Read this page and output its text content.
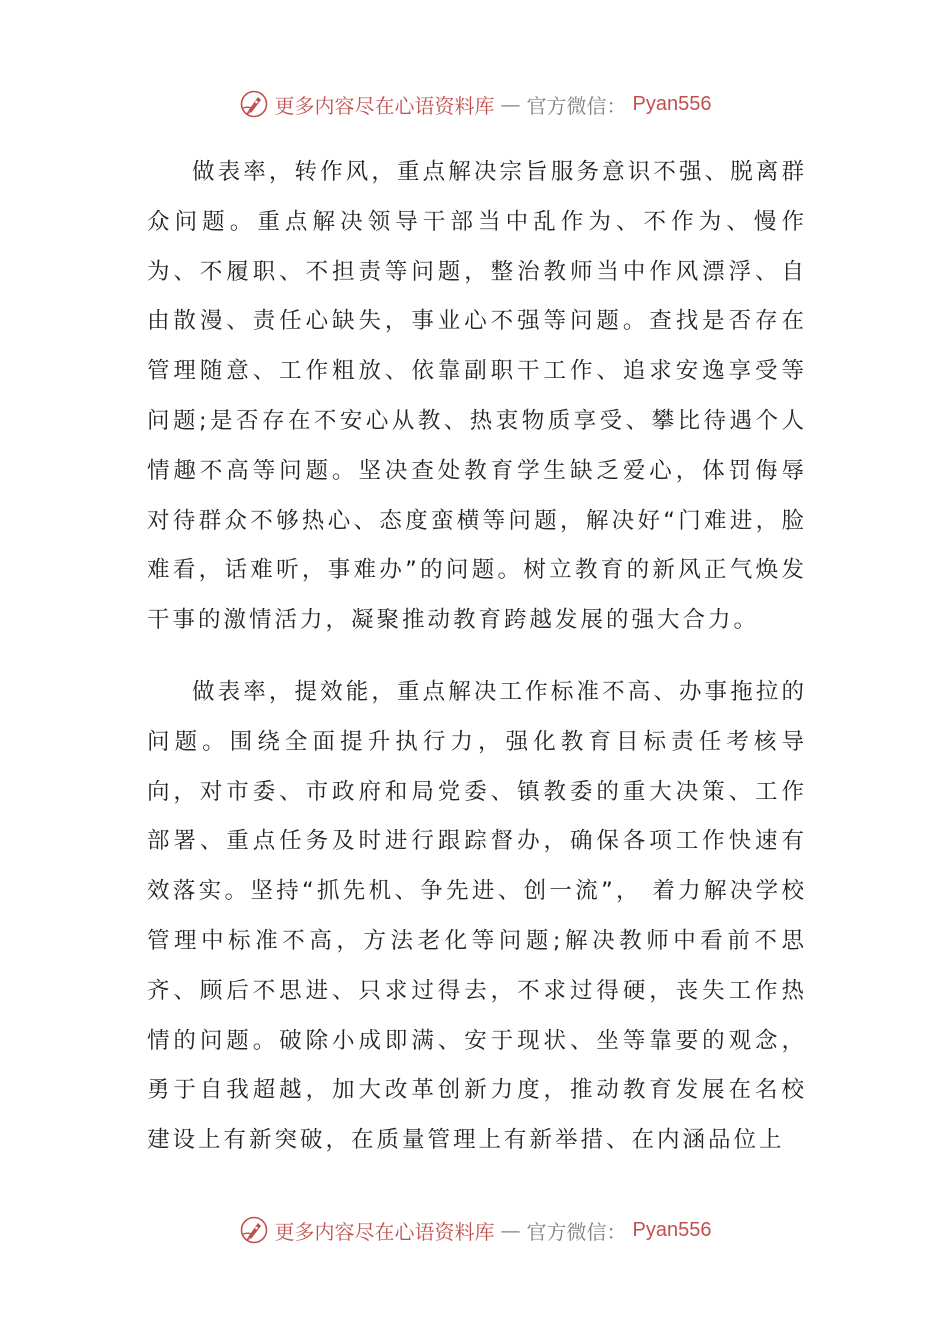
更多内容尽在心语资料库 — 官方微信： Pyan556

做表率，转作风，重点解决宗旨服务意识不强、脱离群众问题。重点解决领导干部当中乱作为、不作为、慢作为、不履职、不担责等问题，整治教师当中作风漂浮、自由散漫、责任心缺失，事业心不强等问题。查找是否存在管理随意、工作粗放、依靠副职干工作、追求安逸享受等问题;是否存在不安心从教、热衷物质享受、攀比待遇个人情趣不高等问题。坚决查处教育学生缺乏爱心，体罚侮辱对待群众不够热心、态度蛮横等问题，解决好“门难进，脸难看，话难听，事难办”的问题。树立教育的新风正气焕发干事的激情活力，凝聚推动教育跨越发展的强大合力。

做表率，提效能，重点解决工作标准不高、办事拖拉的问题。围绕全面提升执行力，强化教育目标责任考核导向，对市委、市政府和局党委、镇教委的重大决策、工作部署、重点任务及时进行跟踪督办，确保各项工作快速有效落实。坚持“抓先机、争先进、创一流”， 着力解决学校管理中标准不高，方法老化等问题;解决教师中看前不思齐、顾后不思进、只求过得去，不求过得硬，丧失工作热情的问题。破除小成即满、安于现状、坐等靠要的观念，勇于自我超越，加大改革创新力度，推动教育发展在名校建设上有新突破，在质量管理上有新举措、在内涵品位上

更多内容尽在心语资料库 — 官方微信： Pyan556
